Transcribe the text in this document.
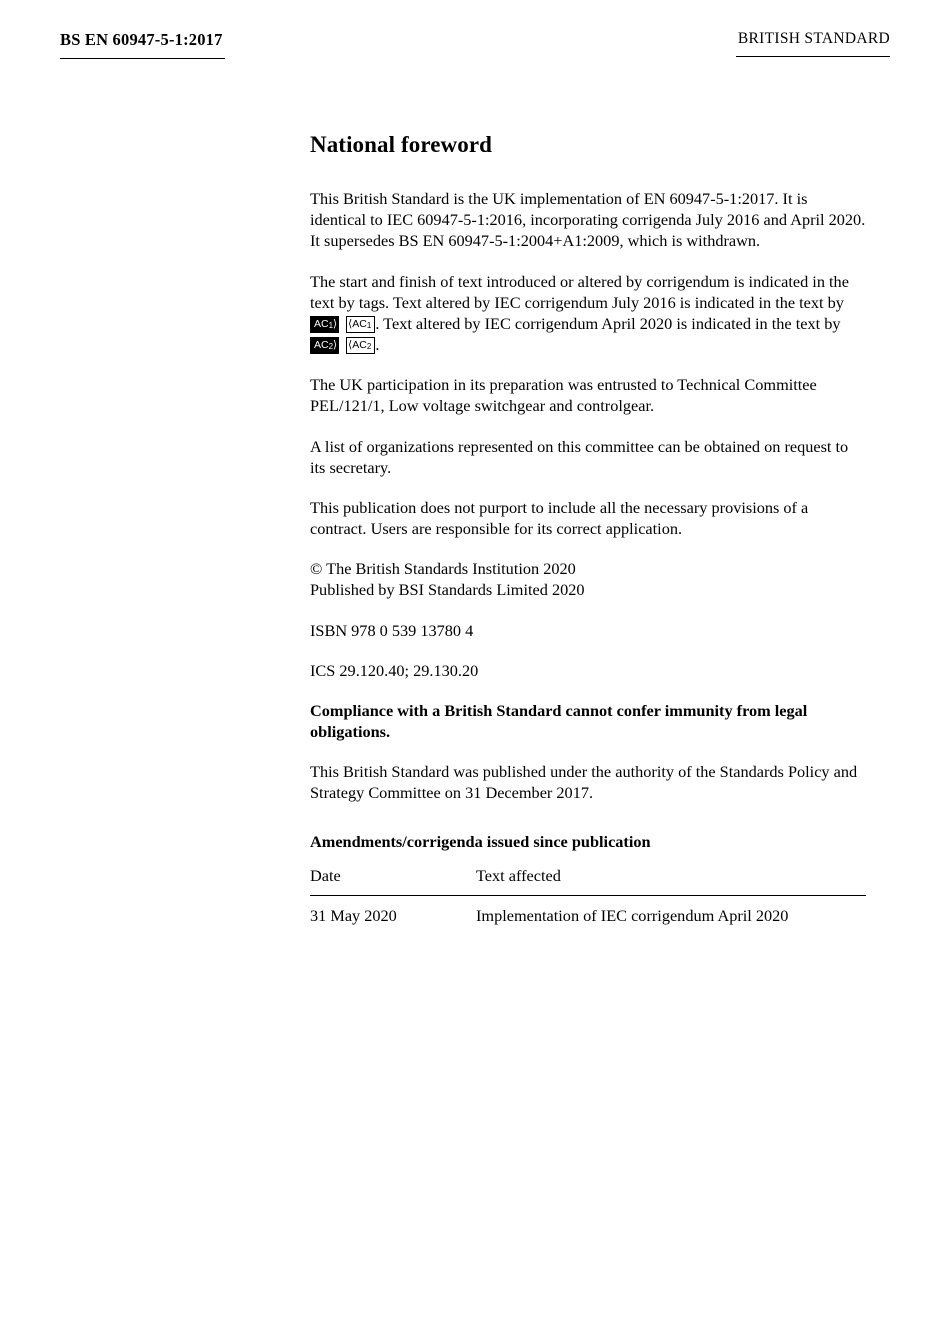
BS EN 60947-5-1:2017	BRITISH STANDARD
National foreword

This British Standard is the UK implementation of EN 60947-5-1:2017. It is identical to IEC 60947-5-1:2016, incorporating corrigenda July 2016 and April 2020. It supersedes BS EN 60947-5-1:2004+A1:2009, which is withdrawn.

The start and finish of text introduced or altered by corrigendum is indicated in the text by tags. Text altered by IEC corrigendum July 2016 is indicated in the text by AC1⟩ ⟨AC1 . Text altered by IEC corrigendum April 2020 is indicated in the text by AC2⟩ ⟨AC2 .

The UK participation in its preparation was entrusted to Technical Committee PEL/121/1, Low voltage switchgear and controlgear.

A list of organizations represented on this committee can be obtained on request to its secretary.

This publication does not purport to include all the necessary provisions of a contract. Users are responsible for its correct application.

© The British Standards Institution 2020

Published by BSI Standards Limited 2020

ISBN 978 0 539 13780 4

ICS 29.120.40; 29.130.20

Compliance with a British Standard cannot confer immunity from legal obligations.

This British Standard was published under the authority of the Standards Policy and Strategy Committee on 31 December 2017.

Amendments/corrigenda issued since publication
Date	Text affected
31 May 2020	Implementation of IEC corrigendum April 2020
